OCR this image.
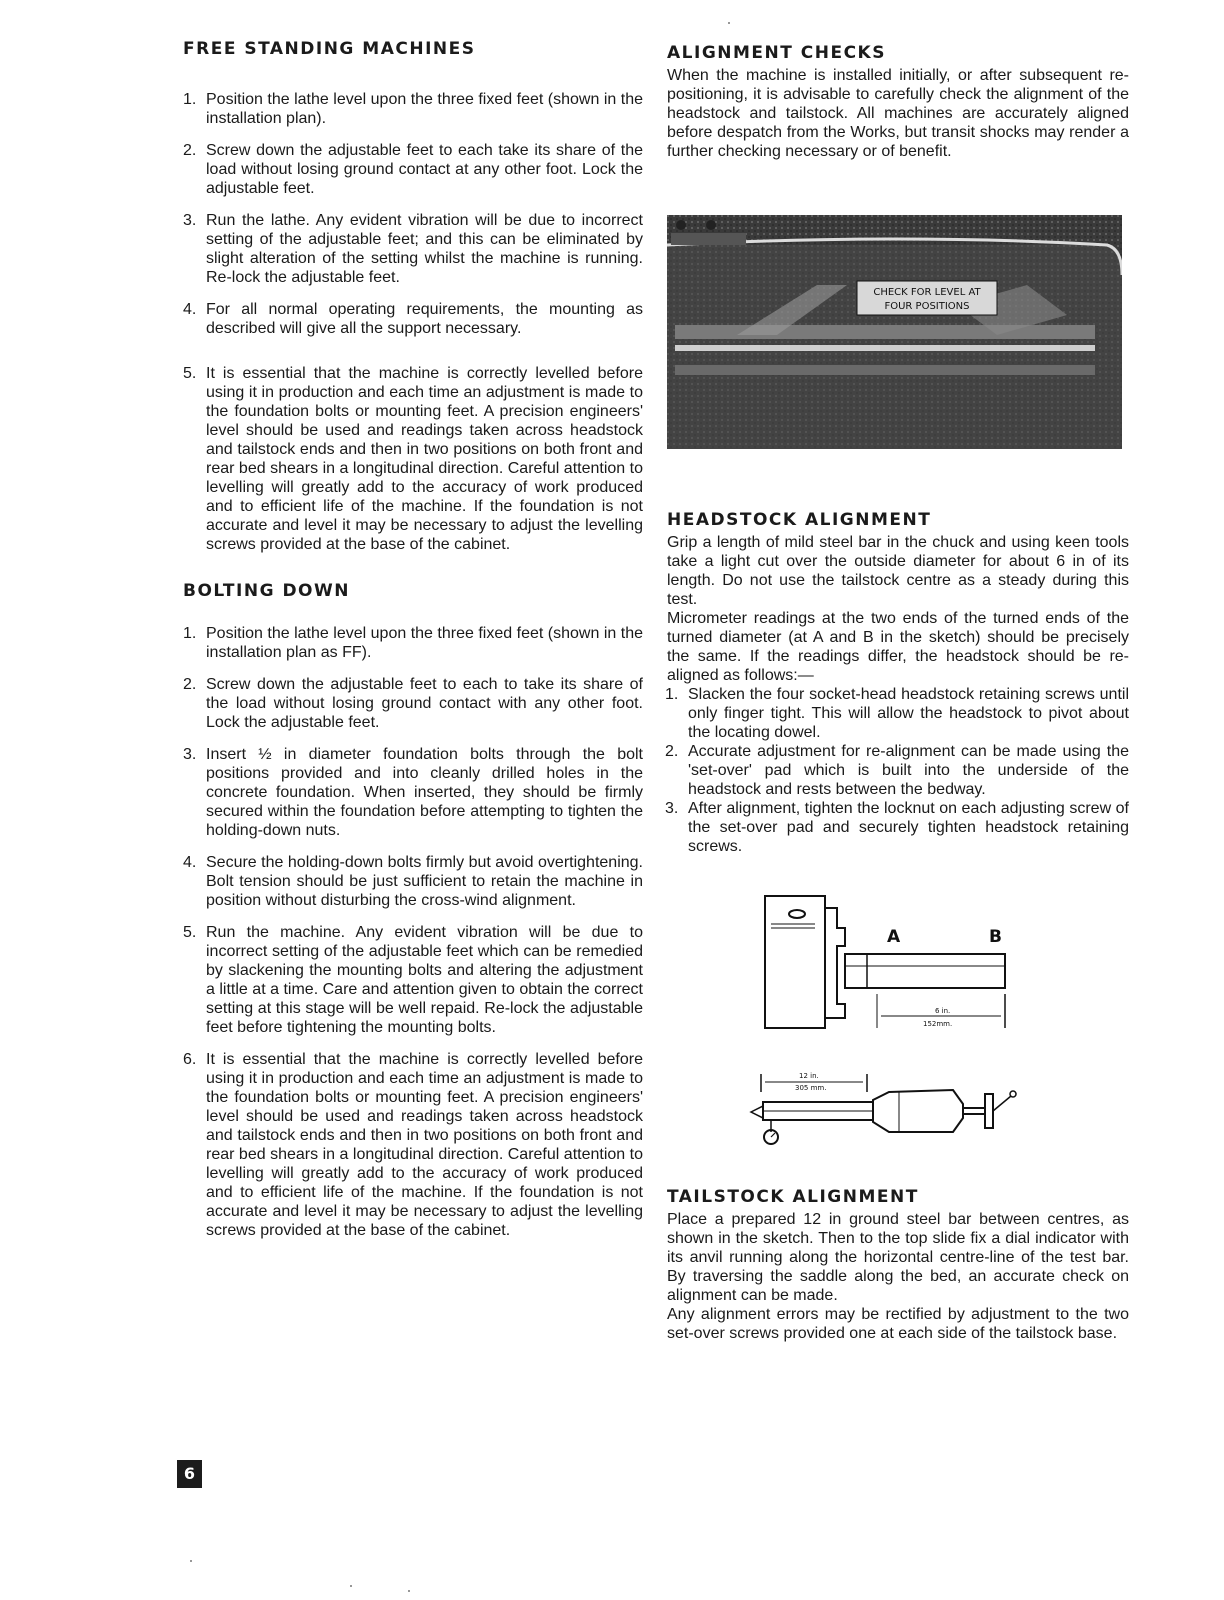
FREE STANDING MACHINES
1. Position the lathe level upon the three fixed feet (shown in the installation plan).
2. Screw down the adjustable feet to each take its share of the load without losing ground contact at any other foot. Lock the adjustable feet.
3. Run the lathe. Any evident vibration will be due to incorrect setting of the adjustable feet; and this can be eliminated by slight alteration of the setting whilst the machine is running. Re-lock the adjustable feet.
4. For all normal operating requirements, the mounting as described will give all the support necessary.
5. It is essential that the machine is correctly levelled before using it in production and each time an adjustment is made to the foundation bolts or mounting feet. A precision engineers' level should be used and readings taken across headstock and tailstock ends and then in two positions on both front and rear bed shears in a longitudinal direction. Careful attention to levelling will greatly add to the accuracy of work produced and to efficient life of the machine. If the foundation is not accurate and level it may be necessary to adjust the levelling screws provided at the base of the cabinet.
BOLTING DOWN
1. Position the lathe level upon the three fixed feet (shown in the installation plan as FF).
2. Screw down the adjustable feet to each to take its share of the load without losing ground contact with any other foot. Lock the adjustable feet.
3. Insert ½ in diameter foundation bolts through the bolt positions provided and into cleanly drilled holes in the concrete foundation. When inserted, they should be firmly secured within the foundation before attempting to tighten the holding-down nuts.
4. Secure the holding-down bolts firmly but avoid overtightening. Bolt tension should be just sufficient to retain the machine in position without disturbing the cross-wind alignment.
5. Run the machine. Any evident vibration will be due to incorrect setting of the adjustable feet which can be remedied by slackening the mounting bolts and altering the adjustment a little at a time. Care and attention given to obtain the correct setting at this stage will be well repaid. Re-lock the adjustable feet before tightening the mounting bolts.
6. It is essential that the machine is correctly levelled before using it in production and each time an adjustment is made to the foundation bolts or mounting feet. A precision engineers' level should be used and readings taken across headstock and tailstock ends and then in two positions on both front and rear bed shears in a longitudinal direction. Careful attention to levelling will greatly add to the accuracy of work produced and to efficient life of the machine. If the foundation is not accurate and level it may be necessary to adjust the levelling screws provided at the base of the cabinet.
ALIGNMENT CHECKS

When the machine is installed initially, or after subsequent re-positioning, it is advisable to carefully check the alignment of the headstock and tailstock. All machines are accurately aligned before despatch from the Works, but transit shocks may render a further checking necessary or of benefit.

CHECK FOR LEVEL AT
FOUR POSITIONS
HEADSTOCK ALIGNMENT

Grip a length of mild steel bar in the chuck and using keen tools take a light cut over the outside diameter for about 6 in of its length. Do not use the tailstock centre as a steady during this test.

Micrometer readings at the two ends of the turned ends of the turned diameter (at A and B in the sketch) should be precisely the same. If the readings differ, the headstock should be re-aligned as follows:—

1. Slacken the four socket-head headstock retaining screws until only finger tight. This will allow the headstock to pivot about the locating dowel.
2. Accurate adjustment for re-alignment can be made using the 'set-over' pad which is built into the underside of the headstock and rests between the bedway.
3. After alignment, tighten the locknut on each adjusting screw of the set-over pad and securely tighten headstock retaining screws.
A	B
6 in.
152mm.
12 in.
305 mm.
TAILSTOCK ALIGNMENT

Place a prepared 12 in ground steel bar between centres, as shown in the sketch. Then to the top slide fix a dial indicator with its anvil running along the horizontal centre-line of the test bar. By traversing the saddle along the bed, an accurate check on alignment can be made.

Any alignment errors may be rectified by adjustment to the two set-over screws provided one at each side of the tailstock base.

6
